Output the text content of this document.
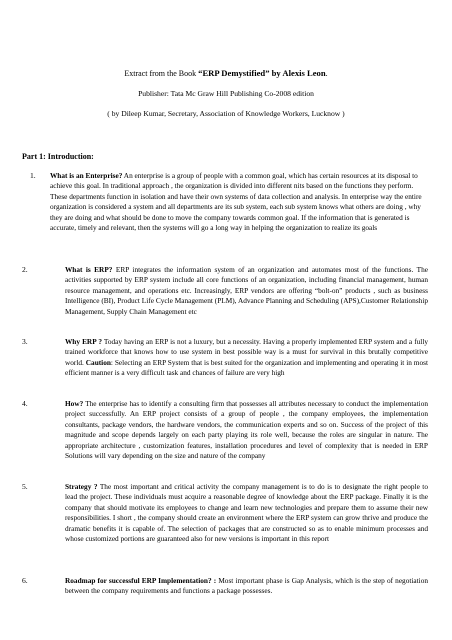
Extract from the Book “ERP Demystified” by Alexis Leon.
Publisher: Tata Mc Graw Hill Publishing Co-2008 edition
( by Dileep Kumar, Secretary, Association of Knowledge Workers, Lucknow )
Part 1: Introduction:
1. What is an Enterprise? An enterprise is a group of people with a common goal, which has certain resources at its disposal to achieve this goal. In traditional approach , the organization is divided into different nits based on the functions they perform. These departments function in isolation and have their own systems of data collection and analysis. In enterprise way the entire organization is considered a system and all departments are its sub system, each sub system knows what others are doing , why they are doing and what should be done to move the company towards common goal. If the information that is generated is accurate, timely and relevant, then the systems will go a long way in helping the organization to realize its goals
2.	What is ERP? ERP integrates the information system of an organization and automates most of the functions. The activities supported by ERP system include all core functions of an organization, including financial management, human resource management, and operations etc. Increasingly, ERP vendors are offering “bolt-on” products , such as business Intelligence (BI), Product Life Cycle Management (PLM), Advance Planning and Scheduling (APS),Customer Relationship Management, Supply Chain Management etc
3.	Why ERP ? Today having an ERP is not a luxury, but a necessity. Having a properly implemented ERP system and a fully trained workforce that knows how to use system in best possible way is a must for survival in this brutally competitive world. Caution: Selecting an ERP System that is best suited for the organization and implementing and operating it in most efficient manner is a very difficult task and chances of failure are very high
4.	How? The enterprise has to identify a consulting firm that possesses all attributes necessary to conduct the implementation project successfully. An ERP project consists of a group of people , the company employees, the implementation consultants, package vendors, the hardware vendors, the communication experts and so on. Success of the project of this magnitude and scope depends largely on each party playing its role well, because the roles are singular in nature. The appropriate architecture , customization features, installation procedures and level of complexity that is needed in ERP Solutions will vary depending on the size and nature of the company
5.	Strategy ? The most important and critical activity the company management is to do is to designate the right people to lead the project. These individuals must acquire a reasonable degree of knowledge about the ERP package. Finally it is the company that should motivate its employees to change and learn new technologies and prepare them to assume their new responsibilities. I short , the company should create an environment where the ERP system can grow thrive and produce the dramatic benefits it is capable of. The selection of packages that are constructed so as to enable minimum processes and whose customized portions are guaranteed also for new versions is important in this report
6.	Roadmap for successful ERP Implementation? : Most important phase is Gap Analysis, which is the step of negotiation between the company requirements and functions a package possesses.
